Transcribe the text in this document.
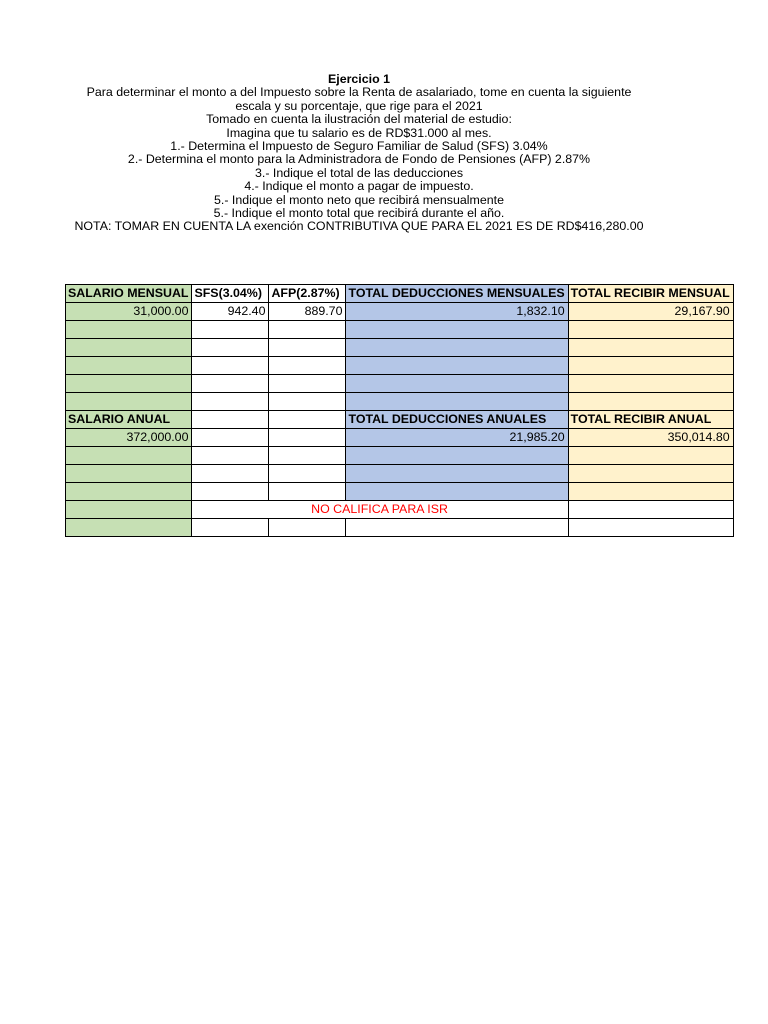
Ejercicio 1
Para determinar el monto a del Impuesto sobre la Renta de asalariado, tome en cuenta la siguiente
escala y su porcentaje, que rige para el 2021
Tomado en cuenta la ilustración del material de estudio:
Imagina que tu salario es de RD$31.000 al mes.
1.- Determina el Impuesto de Seguro Familiar de Salud (SFS) 3.04%
2.- Determina el monto para la Administradora de Fondo de Pensiones (AFP) 2.87%
3.- Indique el total de las deducciones
4.- Indique el monto a pagar de impuesto.
5.- Indique el monto neto que recibirá mensualmente
5.- Indique el monto total que recibirá durante el año.
NOTA: TOMAR EN CUENTA LA exención CONTRIBUTIVA QUE PARA EL 2021 ES DE RD$416,280.00
SALARIO MENSUAL	SFS(3.04%)	AFP(2.87%)	TOTAL DEDUCCIONES MENSUALES	TOTAL RECIBIR MENSUAL
31,000.00	942.40	889.70	1,832.10	29,167.90

SALARIO ANUAL			TOTAL DEDUCCIONES ANUALES	TOTAL RECIBIR ANUAL
372,000.00			21,985.20	350,014.80

	NO CALIFICA PARA ISR			
